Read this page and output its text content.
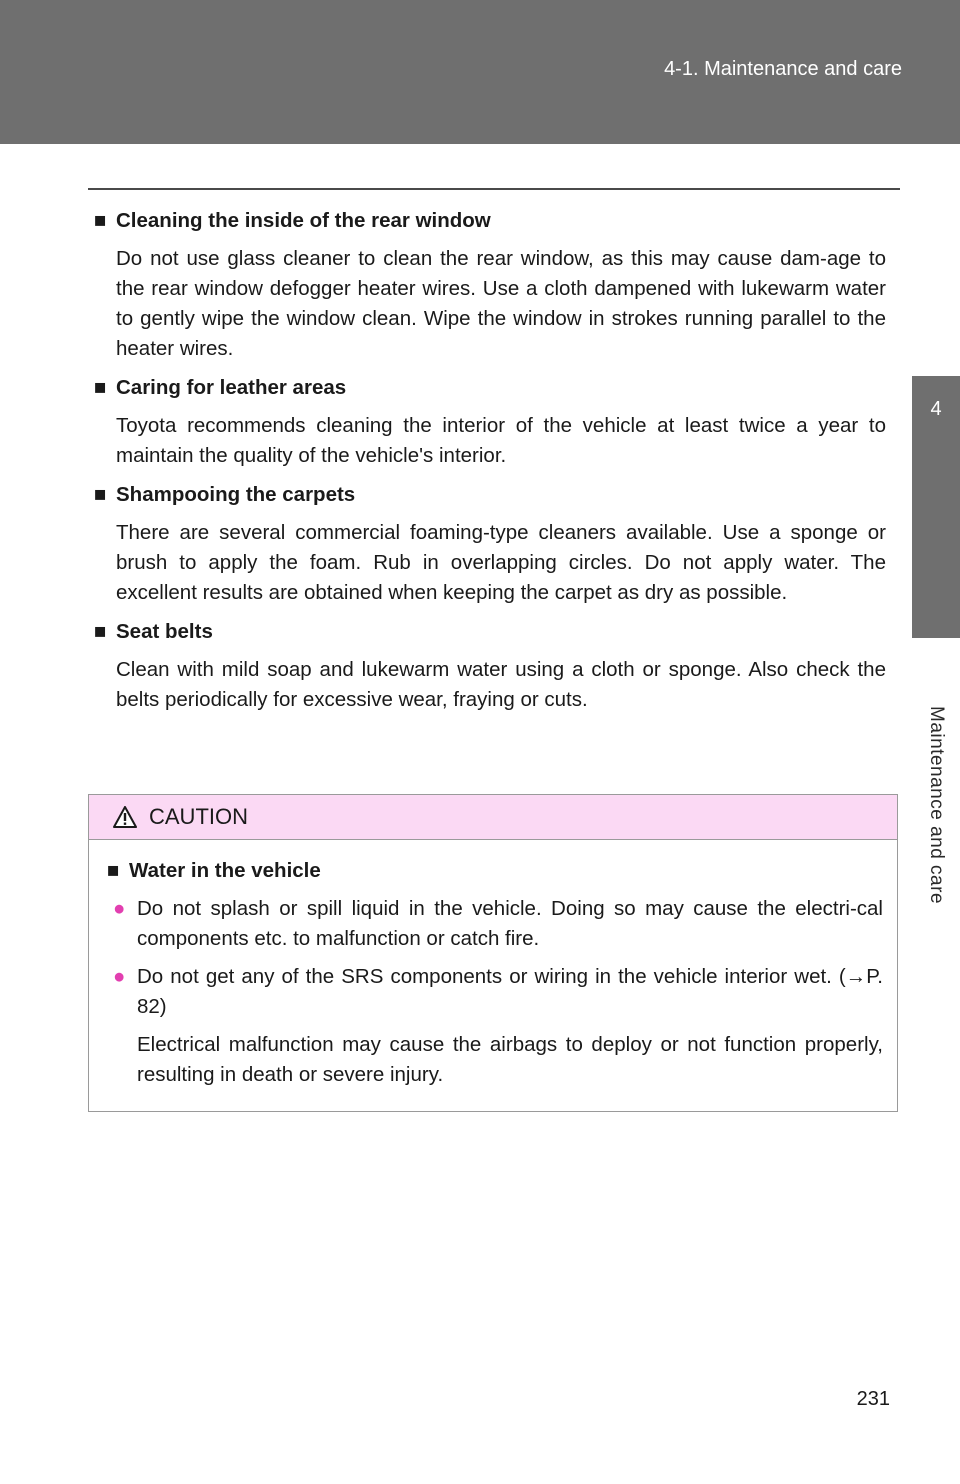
4-1. Maintenance and care
4
Maintenance and care

■ Cleaning the inside of the rear window

Do not use glass cleaner to clean the rear window, as this may cause dam-age to the rear window defogger heater wires. Use a cloth dampened with lukewarm water to gently wipe the window clean. Wipe the window in strokes running parallel to the heater wires.

■ Caring for leather areas

Toyota recommends cleaning the interior of the vehicle at least twice a year to maintain the quality of the vehicle's interior.

■ Shampooing the carpets

There are several commercial foaming-type cleaners available. Use a sponge or brush to apply the foam. Rub in overlapping circles. Do not apply water. The excellent results are obtained when keeping the carpet as dry as possible.

■ Seat belts

Clean with mild soap and lukewarm water using a cloth or sponge. Also check the belts periodically for excessive wear, fraying or cuts.

CAUTION
■ Water in the vehicle
● Do not splash or spill liquid in the vehicle. Doing so may cause the electri-cal components etc. to malfunction or catch fire.
● Do not get any of the SRS components or wiring in the vehicle interior wet. (→P. 82)
Electrical malfunction may cause the airbags to deploy or not function properly, resulting in death or severe injury.
231
